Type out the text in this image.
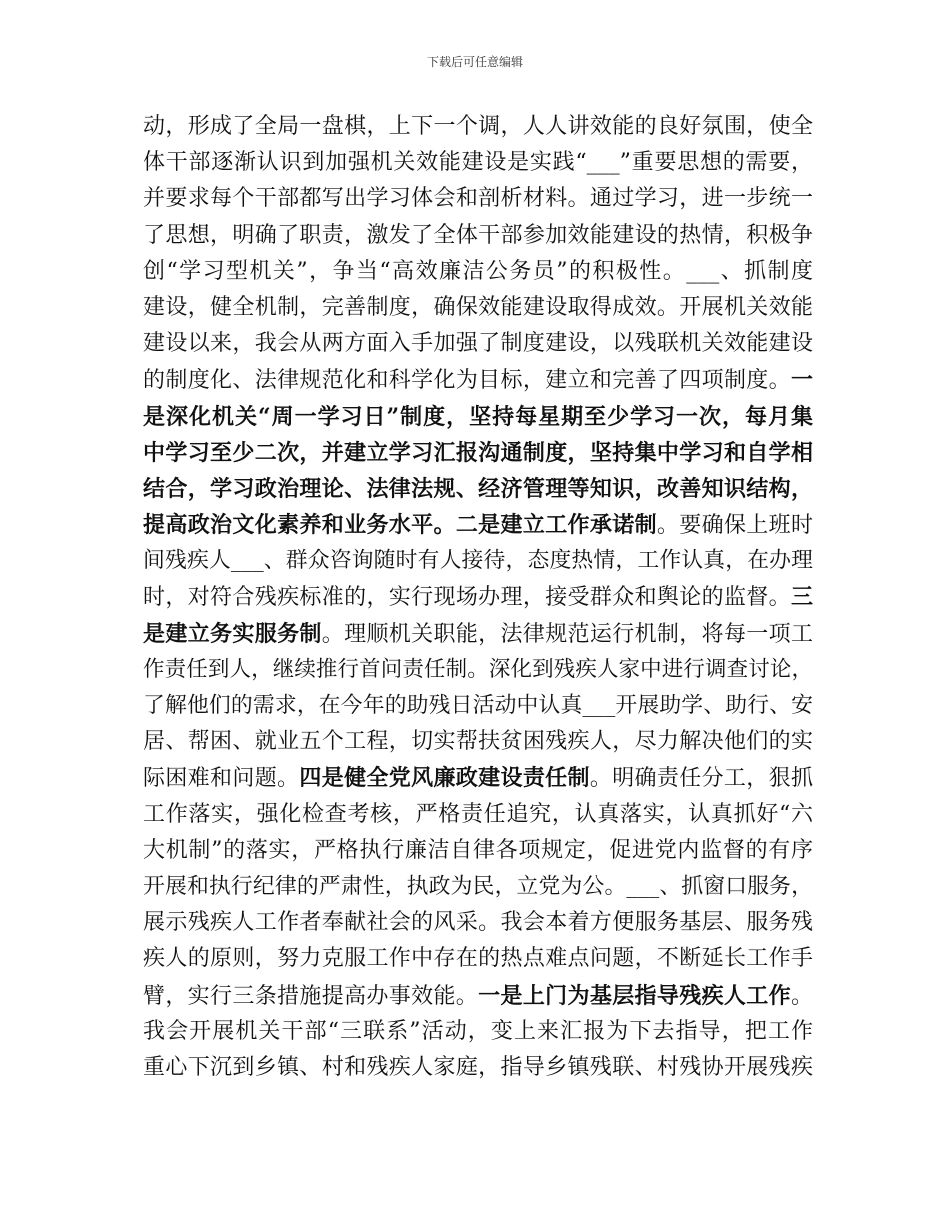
下载后可任意编辑
动，形成了全局一盘棋，上下一个调，人人讲效能的良好氛围，使全
体干部逐渐认识到加强机关效能建设是实践“___”重要思想的需要，
并要求每个干部都写出学习体会和剖析材料。通过学习，进一步统一
了思想，明确了职责，激发了全体干部参加效能建设的热情，积极争
创“学习型机关”，争当“高效廉洁公务员”的积极性。___、抓制度
建设，健全机制，完善制度，确保效能建设取得成效。开展机关效能
建设以来，我会从两方面入手加强了制度建设，以残联机关效能建设
的制度化、法律规范化和科学化为目标，建立和完善了四项制度。一
是深化机关“周一学习日”制度，坚持每星期至少学习一次，每月集
中学习至少二次，并建立学习汇报沟通制度，坚持集中学习和自学相
结合，学习政治理论、法律法规、经济管理等知识，改善知识结构，
提高政治文化素养和业务水平。二是建立工作承诺制。要确保上班时
间残疾人___、群众咨询随时有人接待，态度热情，工作认真，在办理
时，对符合残疾标准的，实行现场办理，接受群众和舆论的监督。三
是建立务实服务制。理顺机关职能，法律规范运行机制，将每一项工
作责任到人，继续推行首问责任制。深化到残疾人家中进行调查讨论，
了解他们的需求，在今年的助残日活动中认真___开展助学、助行、安
居、帮困、就业五个工程，切实帮扶贫困残疾人，尽力解决他们的实
际困难和问题。四是健全党风廉政建设责任制。明确责任分工，狠抓
工作落实，强化检查考核，严格责任追究，认真落实，认真抓好“六
大机制”的落实，严格执行廉洁自律各项规定，促进党内监督的有序
开展和执行纪律的严肃性，执政为民，立党为公。___、抓窗口服务，
展示残疾人工作者奉献社会的风采。我会本着方便服务基层、服务残
疾人的原则，努力克服工作中存在的热点难点问题，不断延长工作手
臂，实行三条措施提高办事效能。一是上门为基层指导残疾人工作。
我会开展机关干部“三联系”活动，变上来汇报为下去指导，把工作
重心下沉到乡镇、村和残疾人家庭，指导乡镇残联、村残协开展残疾
